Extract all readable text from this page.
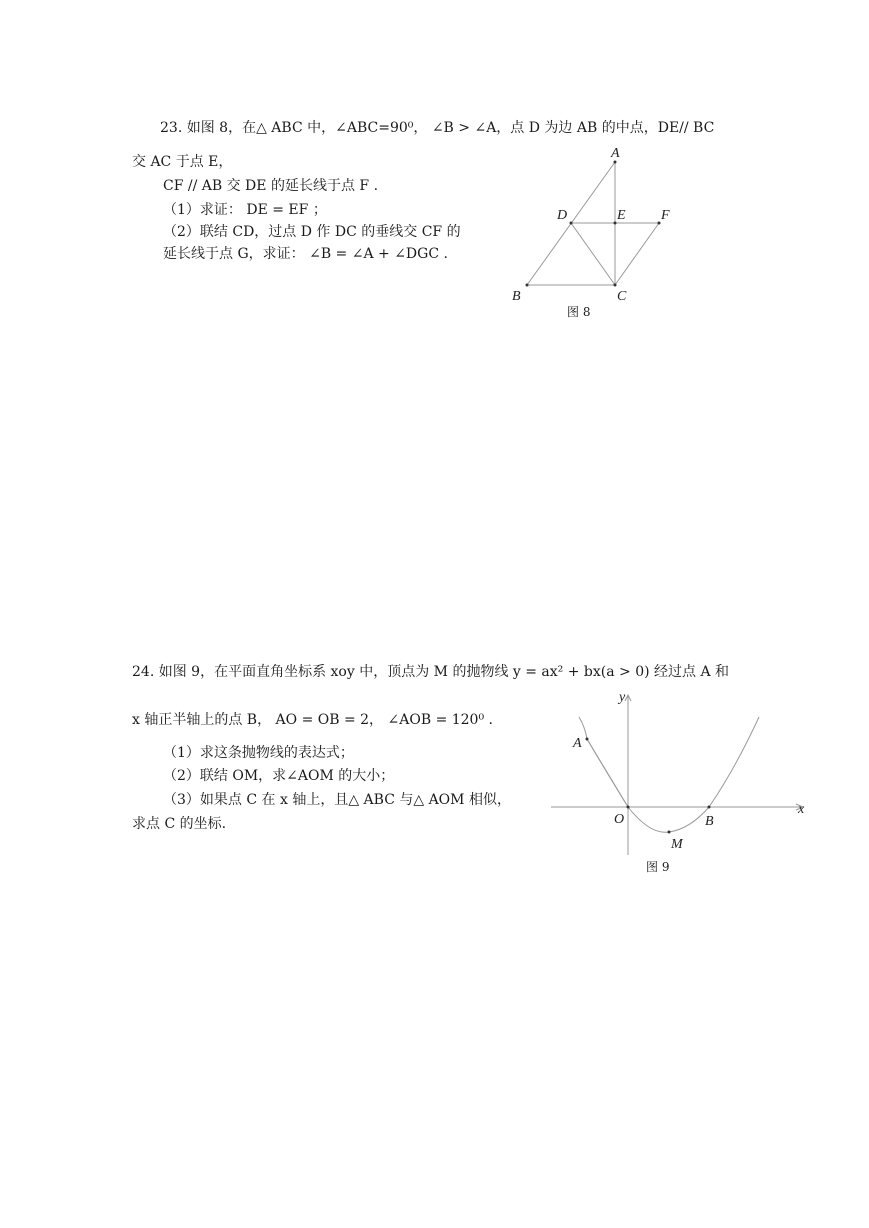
23. 如图 8，在△ ABC 中，∠ABC=90⁰， ∠B > ∠A，点 D 为边 AB 的中点，DE// BC
交 AC 于点 E，
CF // AB 交 DE 的延长线于点 F .
（1）求证： DE = EF ；
（2）联结 CD，过点 D 作 DC 的垂线交 CF 的
延长线于点 G，求证： ∠B = ∠A + ∠DGC .
A
B	C
D	E	F
图 8
24. 如图 9，在平面直角坐标系 xoy 中，顶点为 M 的抛物线 y = ax² + bx(a > 0) 经过点 A 和
x 轴正半轴上的点 B， AO = OB = 2， ∠AOB = 120⁰ .
（1）求这条抛物线的表达式；
（2）联结 OM，求∠AOM 的大小；
（3）如果点 C 在 x 轴上，且△ ABC 与△ AOM 相似，
求点 C 的坐标.
A
O	B
M
x
y
图 9
